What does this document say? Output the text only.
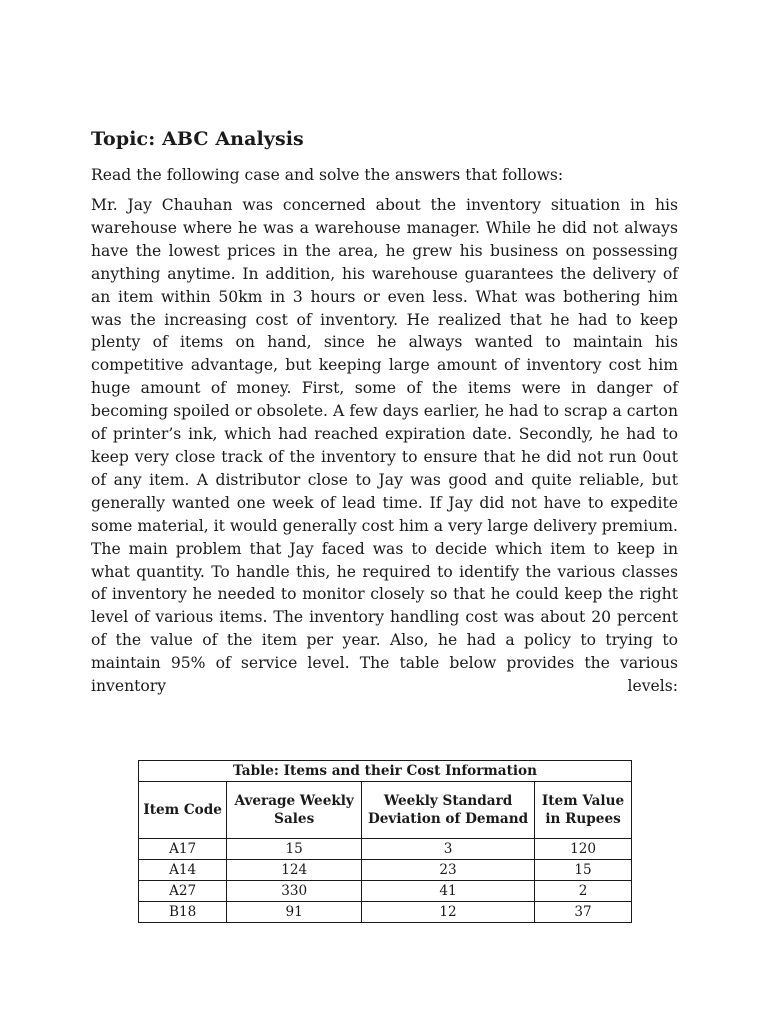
Topic: ABC Analysis

Read the following case and solve the answers that follows:

Mr. Jay Chauhan was concerned about the inventory situation in his warehouse where he was a warehouse manager. While he did not always have the lowest prices in the area, he grew his business on possessing anything anytime. In addition, his warehouse guarantees the delivery of an item within 50km in 3 hours or even less. What was bothering him was the increasing cost of inventory. He realized that he had to keep plenty of items on hand, since he always wanted to maintain his competitive advantage, but keeping large amount of inventory cost him huge amount of money. First, some of the items were in danger of becoming spoiled or obsolete. A few days earlier, he had to scrap a carton of printer’s ink, which had reached expiration date. Secondly, he had to keep very close track of the inventory to ensure that he did not run 0out of any item. A distributor close to Jay was good and quite reliable, but generally wanted one week of lead time. If Jay did not have to expedite some material, it would generally cost him a very large delivery premium. The main problem that Jay faced was to decide which item to keep in what quantity. To handle this, he required to identify the various classes of inventory he needed to monitor closely so that he could keep the right level of various items. The inventory handling cost was about 20 percent of the value of the item per year. Also, he had a policy to trying to maintain 95% of service level. The table below provides the various inventory levels:

Table: Items and their Cost Information			
Item Code	Average Weekly Sales	Weekly Standard Deviation of Demand	Item Value in Rupees
A17	15	3	120
A14	124	23	15
A27	330	41	2
B18	91	12	37
